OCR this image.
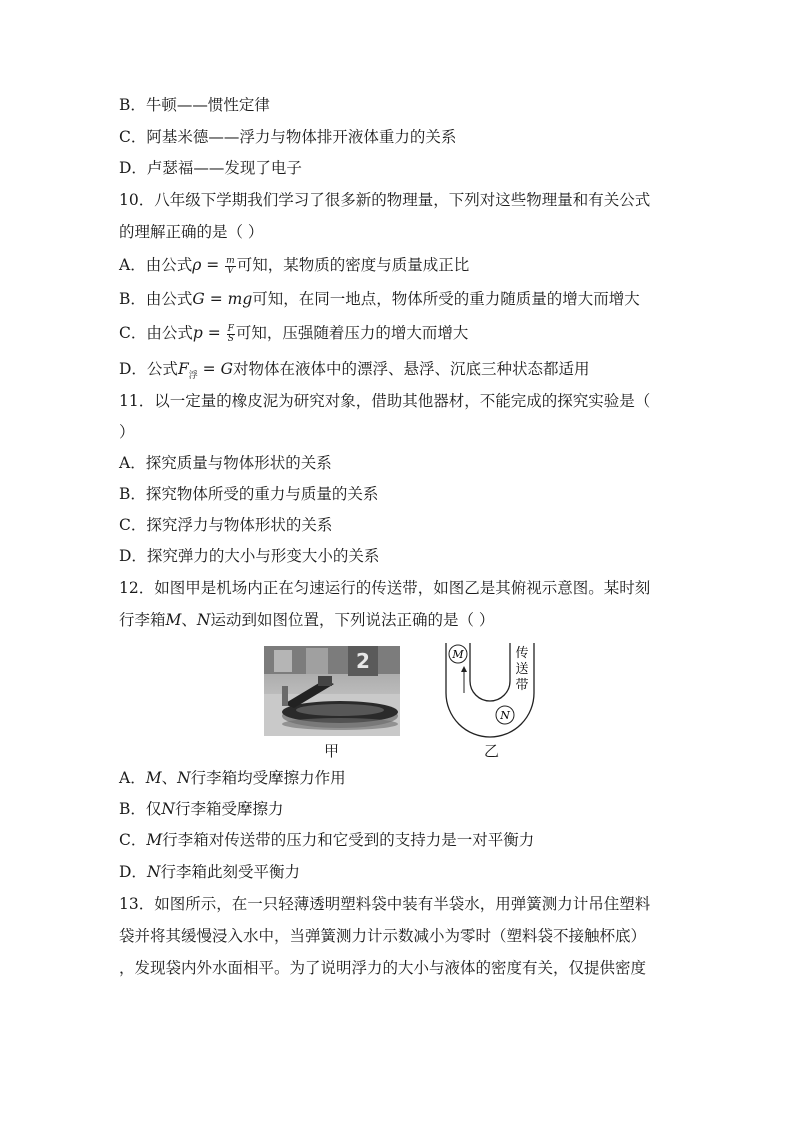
B．牛顿——惯性定律
C．阿基米德——浮力与物体排开液体重力的关系
D．卢瑟福——发现了电子
10．八年级下学期我们学习了很多新的物理量，下列对这些物理量和有关公式
的理解正确的是（ ）
A．由公式$\rho = \frac{m}{V}$ 可知，某物质的密度与质量成正比
B．由公式G = mg可知，在同一地点，物体所受的重力随质量的增大而增大
C．由公式$p = \frac{F}{S}$ 可知，压强随着压力的增大而增大
D．公式$F_浮 = G$对物体在液体中的漂浮、悬浮、沉底三种状态都适用
11．以一定量的橡皮泥为研究对象，借助其他器材，不能完成的探究实验是（
）
A．探究质量与物体形状的关系
B．探究物体所受的重力与质量的关系
C．探究浮力与物体形状的关系
D．探究弹力的大小与形变大小的关系
12．如图甲是机场内正在匀速运行的传送带，如图乙是其俯视示意图。某时刻
行李箱M、N运动到如图位置，下列说法正确的是（ ）
2
甲
M
N
传
送
带
乙
A．M、N行李箱均受摩擦力作用
B．仅N行李箱受摩擦力
C．M行李箱对传送带的压力和它受到的支持力是一对平衡力
D．N行李箱此刻受平衡力
13．如图所示，在一只轻薄透明塑料袋中装有半袋水，用弹簧测力计吊住塑料
袋并将其缓慢浸入水中，当弹簧测力计示数减小为零时（塑料袋不接触杯底）
，发现袋内外水面相平。为了说明浮力的大小与液体的密度有关，仅提供密度
